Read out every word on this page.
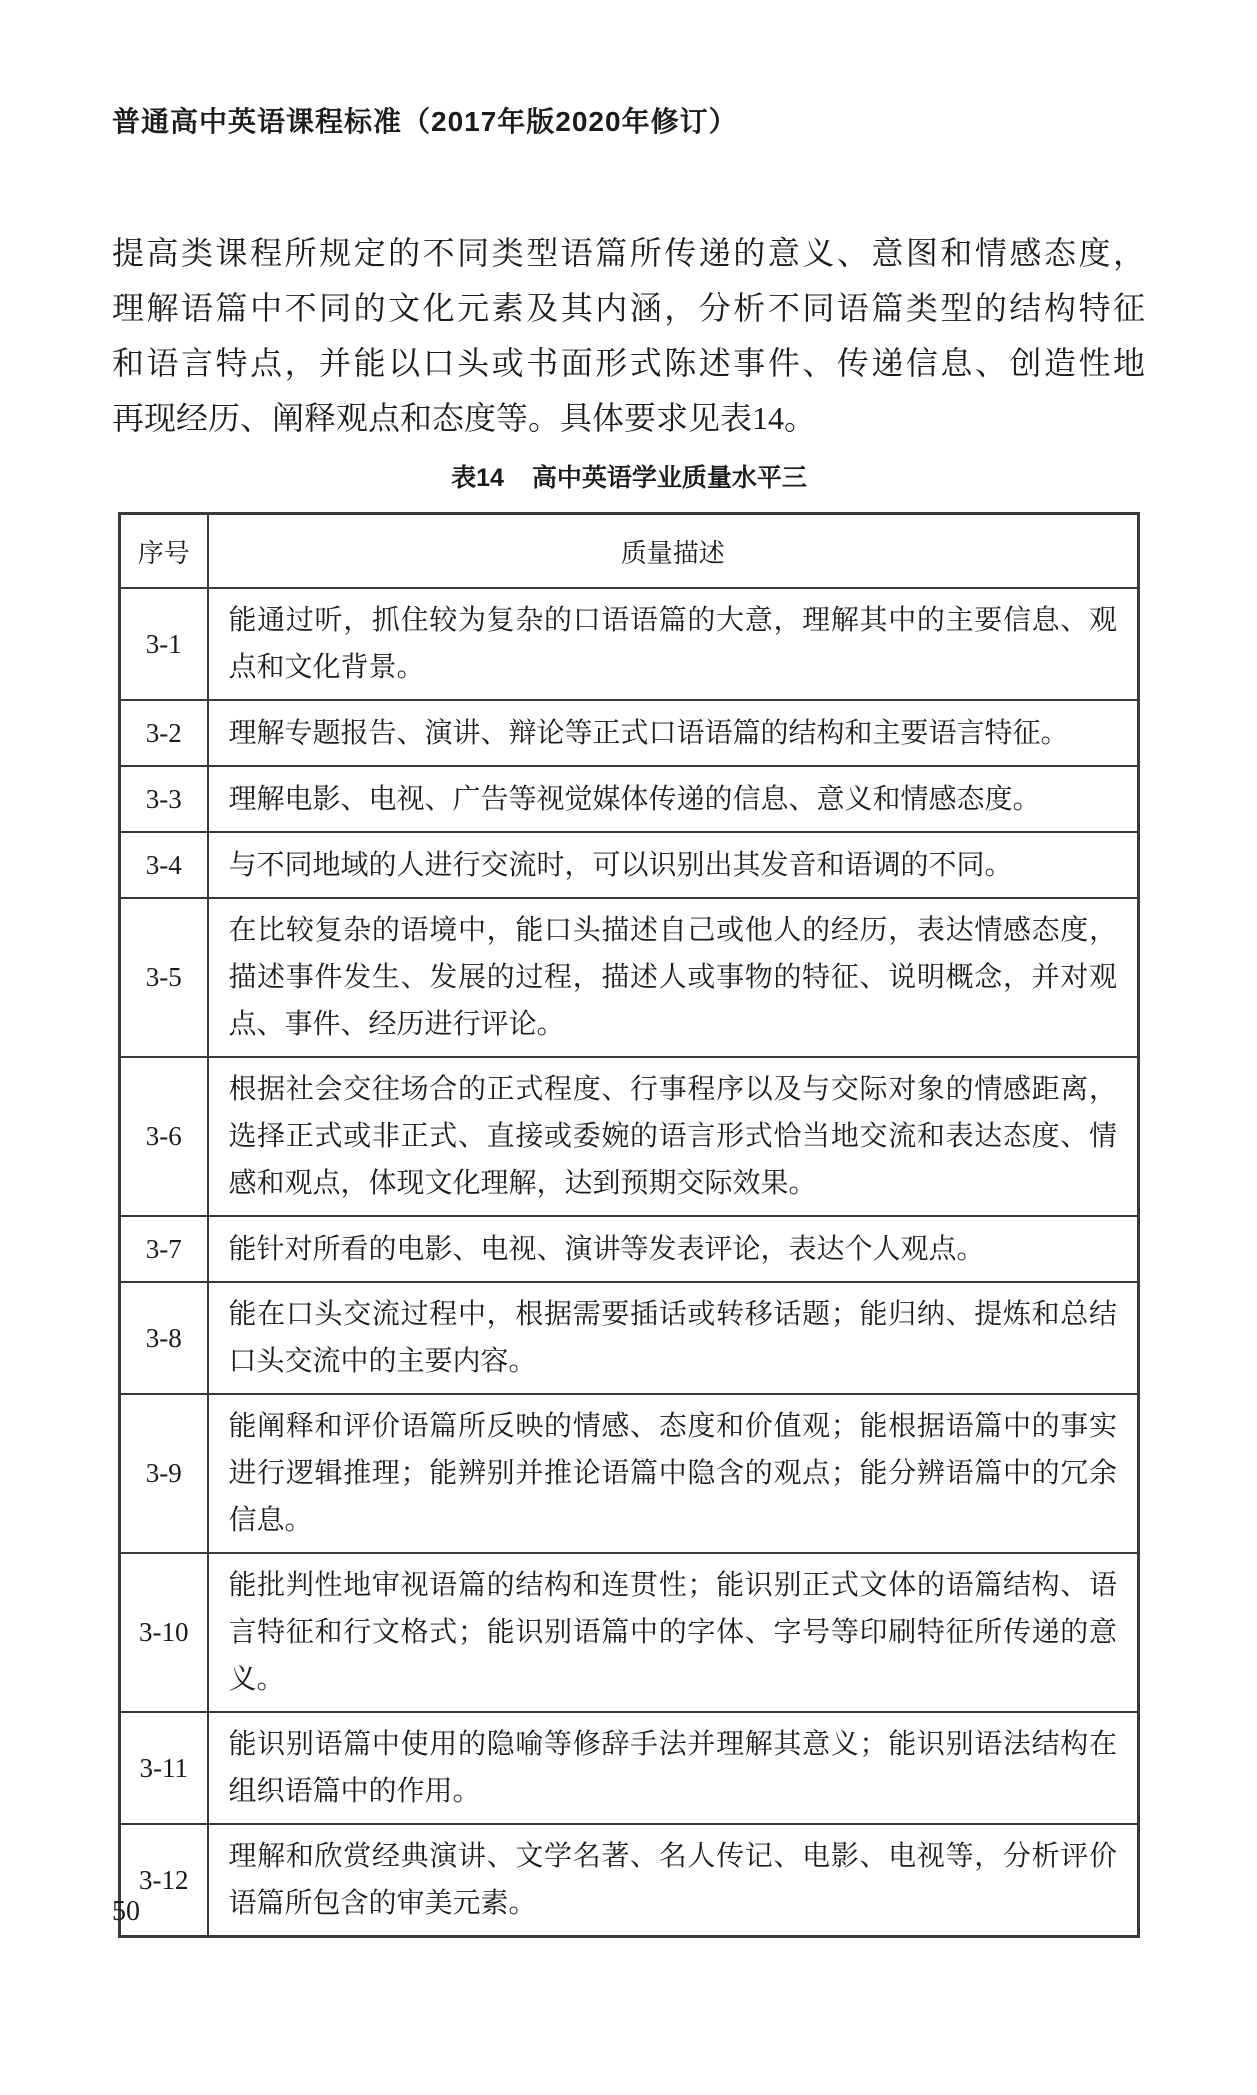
普通高中英语课程标准（2017年版2020年修订）
提高类课程所规定的不同类型语篇所传递的意义、意图和情感态度，
理解语篇中不同的文化元素及其内涵，分析不同语篇类型的结构特征
和语言特点，并能以口头或书面形式陈述事件、传递信息、创造性地
再现经历、阐释观点和态度等。具体要求见表14。
表14 高中英语学业质量水平三
序号	质量描述
3-1	能通过听，抓住较为复杂的口语语篇的大意，理解其中的主要信息、观点和文化背景。
3-2	理解专题报告、演讲、辩论等正式口语语篇的结构和主要语言特征。
3-3	理解电影、电视、广告等视觉媒体传递的信息、意义和情感态度。
3-4	与不同地域的人进行交流时，可以识别出其发音和语调的不同。
3-5	在比较复杂的语境中，能口头描述自己或他人的经历，表达情感态度，描述事件发生、发展的过程，描述人或事物的特征、说明概念，并对观点、事件、经历进行评论。
3-6	根据社会交往场合的正式程度、行事程序以及与交际对象的情感距离，选择正式或非正式、直接或委婉的语言形式恰当地交流和表达态度、情感和观点，体现文化理解，达到预期交际效果。
3-7	能针对所看的电影、电视、演讲等发表评论，表达个人观点。
3-8	能在口头交流过程中，根据需要插话或转移话题；能归纳、提炼和总结口头交流中的主要内容。
3-9	能阐释和评价语篇所反映的情感、态度和价值观；能根据语篇中的事实进行逻辑推理；能辨别并推论语篇中隐含的观点；能分辨语篇中的冗余信息。
3-10	能批判性地审视语篇的结构和连贯性；能识别正式文体的语篇结构、语言特征和行文格式；能识别语篇中的字体、字号等印刷特征所传递的意义。
3-11	能识别语篇中使用的隐喻等修辞手法并理解其意义；能识别语法结构在组织语篇中的作用。
3-12	理解和欣赏经典演讲、文学名著、名人传记、电影、电视等，分析评价语篇所包含的审美元素。
50
